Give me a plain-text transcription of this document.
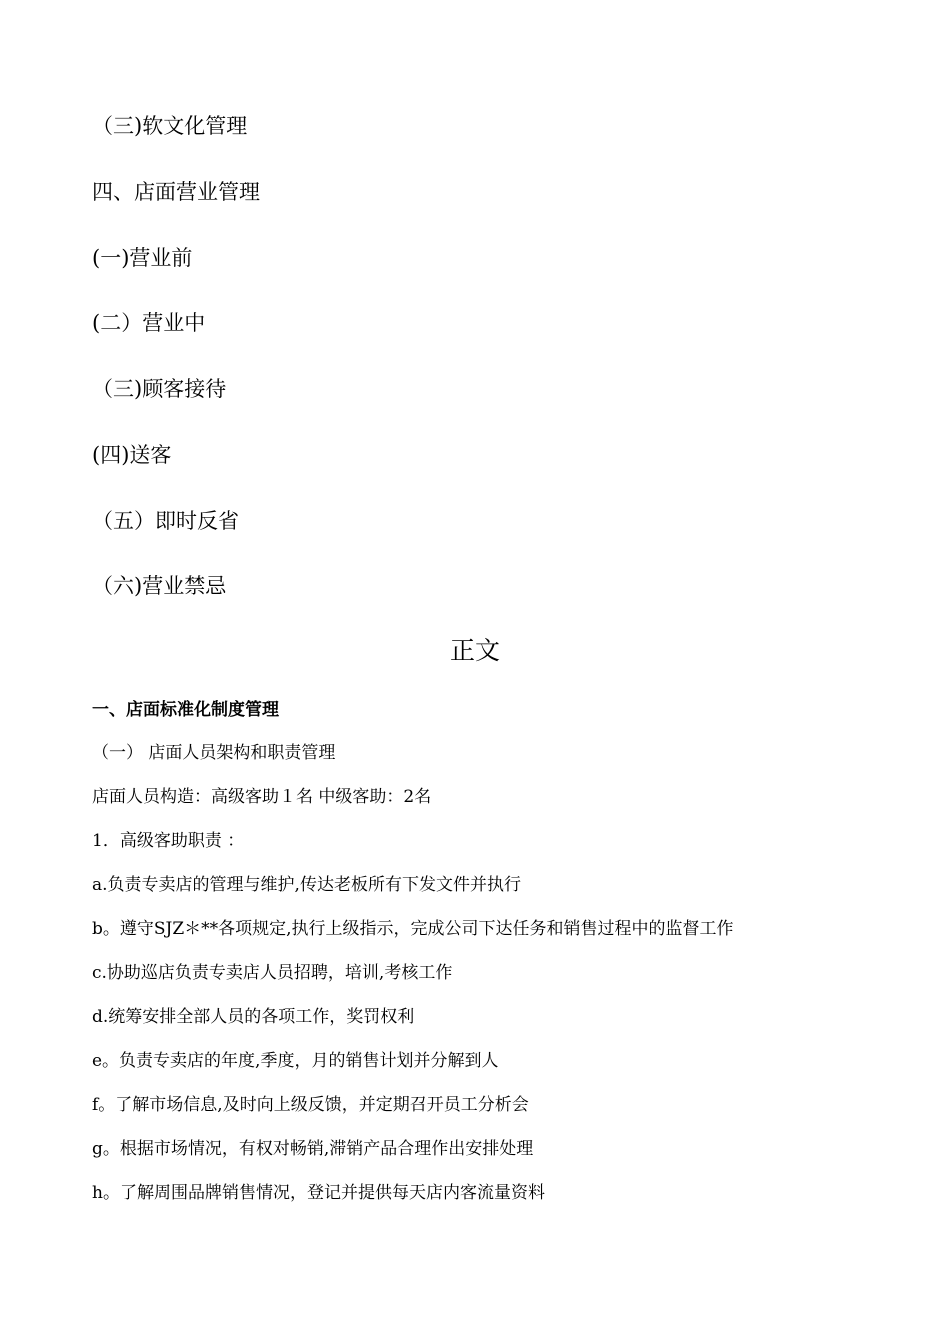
（三)软文化管理
四、店面营业管理
(一)营业前
(二）营业中
（三)顾客接待
(四)送客
（五）即时反省
（六)营业禁忌
正文
一、店面标准化制度管理
（一） 店面人员架构和职责管理
店面人员构造：高级客助１名 中级客助：2名
1．高级客助职责 ：
a.负责专卖店的管理与维护,传达老板所有下发文件并执行
b。遵守SJZ＊**各项规定,执行上级指示，完成公司下达任务和销售过程中的监督工作
c.协助巡店负责专卖店人员招聘，培训,考核工作
d.统筹安排全部人员的各项工作，奖罚权利
e。负责专卖店的年度,季度，月的销售计划并分解到人
f。了解市场信息,及时向上级反馈，并定期召开员工分析会
g。根据市场情况，有权对畅销,滞销产品合理作出安排处理
h。了解周围品牌销售情况，登记并提供每天店内客流量资料
